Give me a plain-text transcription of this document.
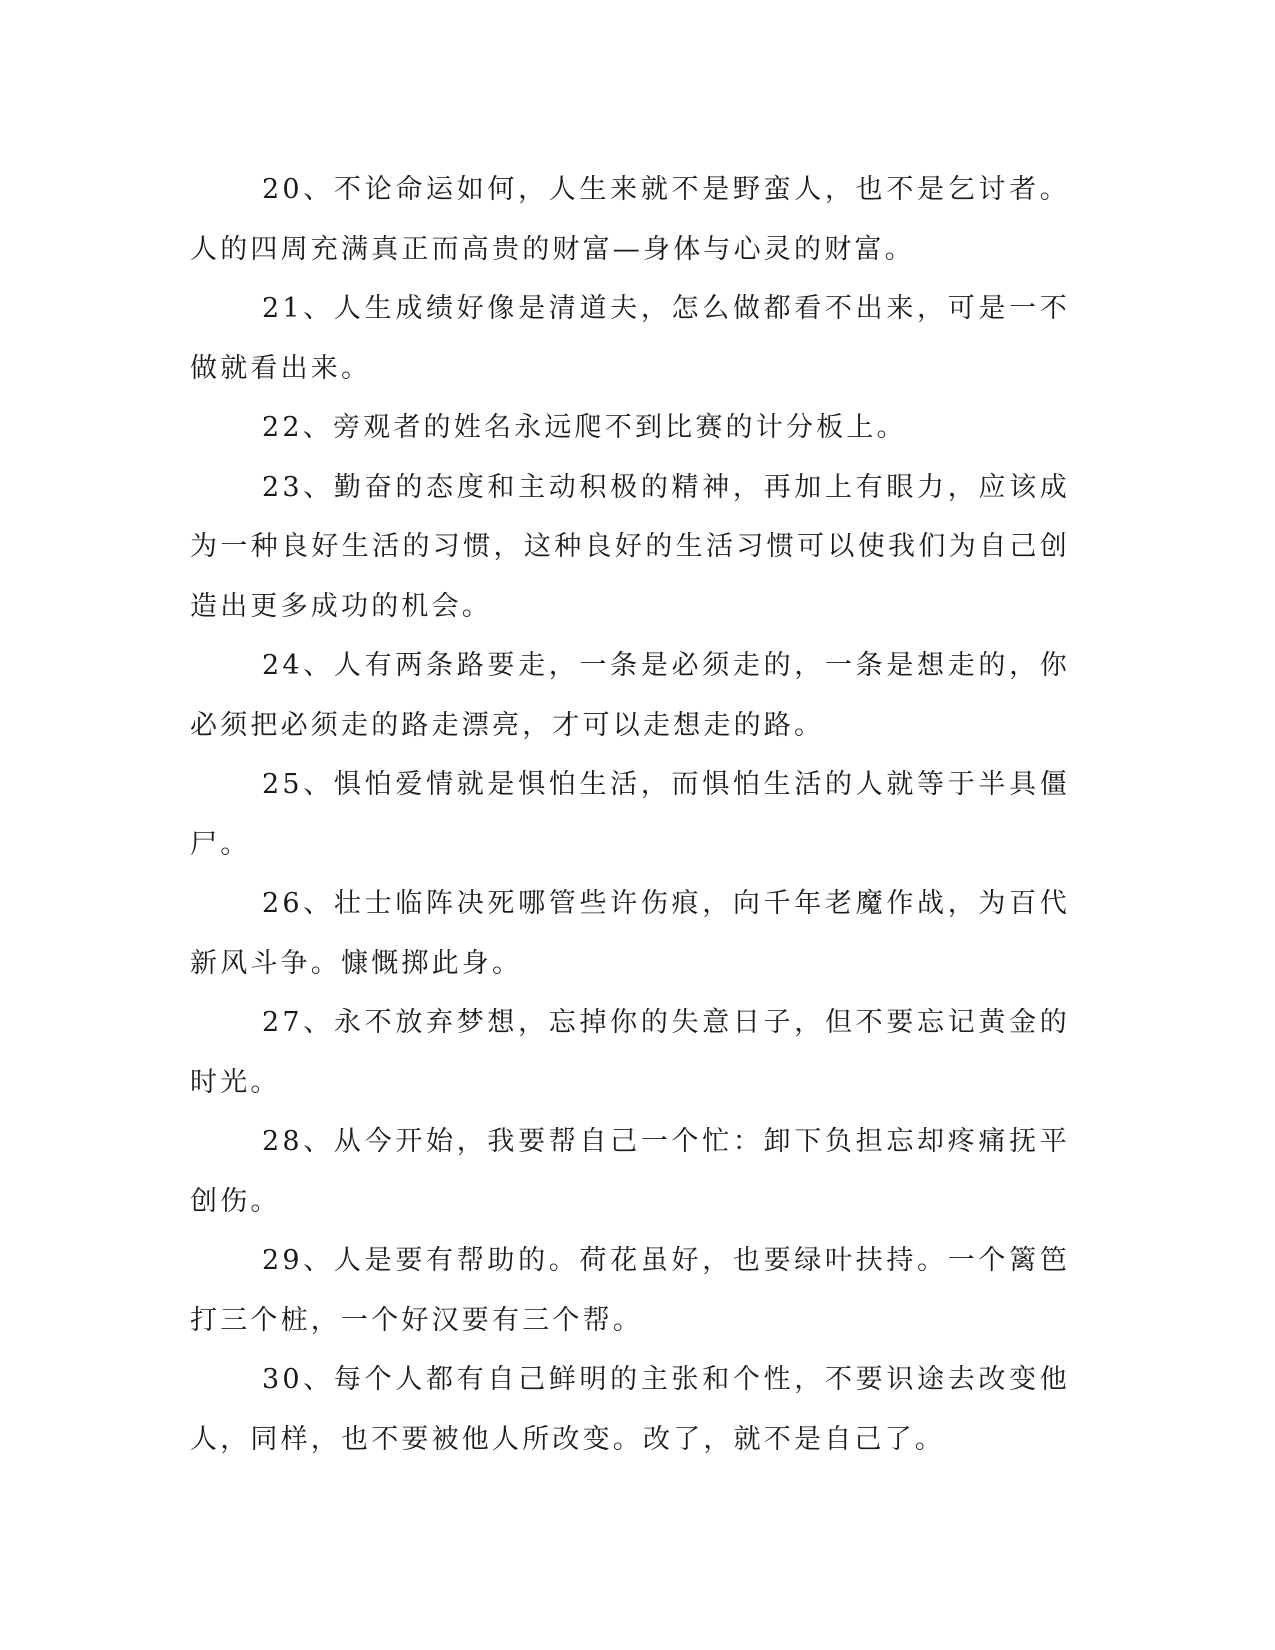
20、不论命运如何，人生来就不是野蛮人，也不是乞讨者。人的四周充满真正而高贵的财富—身体与心灵的财富。

21、人生成绩好像是清道夫，怎么做都看不出来，可是一不做就看出来。

22、旁观者的姓名永远爬不到比赛的计分板上。

23、勤奋的态度和主动积极的精神，再加上有眼力，应该成为一种良好生活的习惯，这种良好的生活习惯可以使我们为自己创造出更多成功的机会。

24、人有两条路要走，一条是必须走的，一条是想走的，你必须把必须走的路走漂亮，才可以走想走的路。

25、惧怕爱情就是惧怕生活，而惧怕生活的人就等于半具僵尸。

26、壮士临阵决死哪管些许伤痕，向千年老魔作战，为百代新风斗争。慷慨掷此身。

27、永不放弃梦想，忘掉你的失意日子，但不要忘记黄金的时光。

28、从今开始，我要帮自己一个忙：卸下负担忘却疼痛抚平创伤。

29、人是要有帮助的。荷花虽好，也要绿叶扶持。一个篱笆打三个桩，一个好汉要有三个帮。

30、每个人都有自己鲜明的主张和个性，不要识途去改变他人，同样，也不要被他人所改变。改了，就不是自己了。
